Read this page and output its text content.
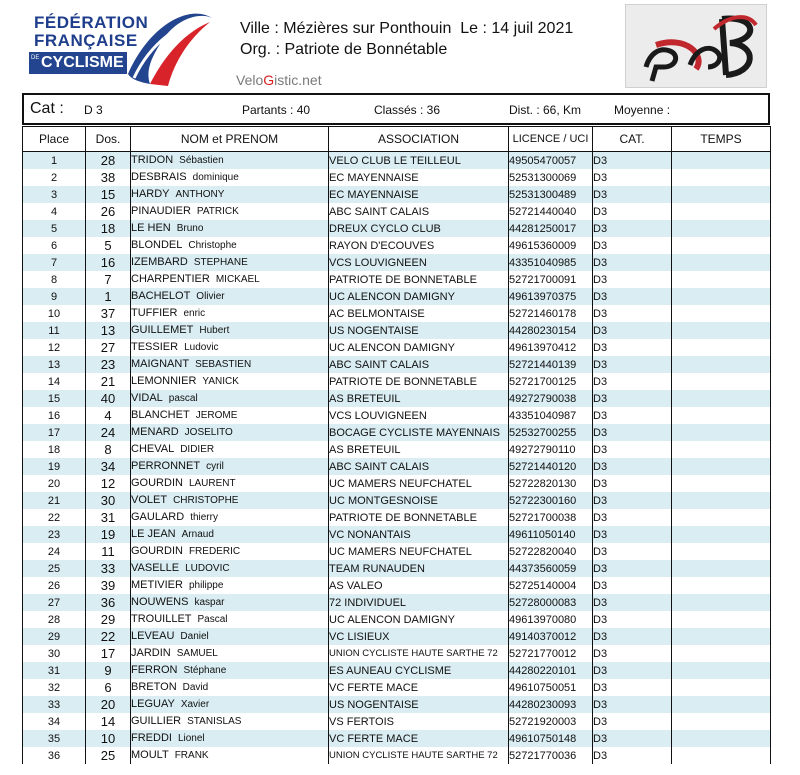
FÉDÉRATION
FRANÇAISE
DE CYCLISME
Ville : Mézières sur Ponthouin  Le : 14 juil 2021
Org. : Patriote de Bonnétable
VeloGistic.net
Cat : D 3	Partants : 40	Classés : 36	Dist. : 66, Km	Moyenne :
Place	Dos.	NOM et PRENOM	ASSOCIATION	LICENCE / UCI	CAT.	TEMPS
1	28	TRIDON Sébastien	VELO CLUB LE TEILLEUL	49505470057	D3	
2	38	DESBRAIS dominique	EC MAYENNAISE	52531300069	D3	
3	15	HARDY ANTHONY	EC MAYENNAISE	52531300489	D3	
4	26	PINAUDIER PATRICK	ABC SAINT CALAIS	52721440040	D3	
5	18	LE HEN Bruno	DREUX CYCLO CLUB	44281250017	D3	
6	5	BLONDEL Christophe	RAYON D'ECOUVES	49615360009	D3	
7	16	IZEMBARD STEPHANE	VCS LOUVIGNEEN	43351040985	D3	
8	7	CHARPENTIER MICKAEL	PATRIOTE DE BONNETABLE	52721700091	D3	
9	1	BACHELOT Olivier	UC ALENCON DAMIGNY	49613970375	D3	
10	37	TUFFIER enric	AC BELMONTAISE	52721460178	D3	
11	13	GUILLEMET Hubert	US NOGENTAISE	44280230154	D3	
12	27	TESSIER Ludovic	UC ALENCON DAMIGNY	49613970412	D3	
13	23	MAIGNANT SEBASTIEN	ABC SAINT CALAIS	52721440139	D3	
14	21	LEMONNIER YANICK	PATRIOTE DE BONNETABLE	52721700125	D3	
15	40	VIDAL pascal	AS BRETEUIL	49272790038	D3	
16	4	BLANCHET JEROME	VCS LOUVIGNEEN	43351040987	D3	
17	24	MENARD JOSELITO	BOCAGE CYCLISTE MAYENNAIS	52532700255	D3	
18	8	CHEVAL DIDIER	AS BRETEUIL	49272790110	D3	
19	34	PERRONNET cyril	ABC SAINT CALAIS	52721440120	D3	
20	12	GOURDIN LAURENT	UC MAMERS NEUFCHATEL	52722820130	D3	
21	30	VOLET CHRISTOPHE	UC MONTGESNOISE	52722300160	D3	
22	31	GAULARD thierry	PATRIOTE DE BONNETABLE	52721700038	D3	
23	19	LE JEAN Arnaud	VC NONANTAIS	49611050140	D3	
24	11	GOURDIN FREDERIC	UC MAMERS NEUFCHATEL	52722820040	D3	
25	33	VASELLE LUDOVIC	TEAM RUNAUDEN	44373560059	D3	
26	39	METIVIER philippe	AS VALEO	52725140004	D3	
27	36	NOUWENS kaspar	72 INDIVIDUEL	52728000083	D3	
28	29	TROUILLET Pascal	UC ALENCON DAMIGNY	49613970080	D3	
29	22	LEVEAU Daniel	VC LISIEUX	49140370012	D3	
30	17	JARDIN SAMUEL	UNION CYCLISTE HAUTE SARTHE 72	52721770012	D3	
31	9	FERRON Stéphane	ES AUNEAU CYCLISME	44280220101	D3	
32	6	BRETON David	VC FERTE MACE	49610750051	D3	
33	20	LEGUAY Xavier	US NOGENTAISE	44280230093	D3	
34	14	GUILLIER STANISLAS	VS FERTOIS	52721920003	D3	
35	10	FREDDI Lionel	VC FERTE MACE	49610750148	D3	
36	25	MOULT FRANK	UNION CYCLISTE HAUTE SARTHE 72	52721770036	D3	
